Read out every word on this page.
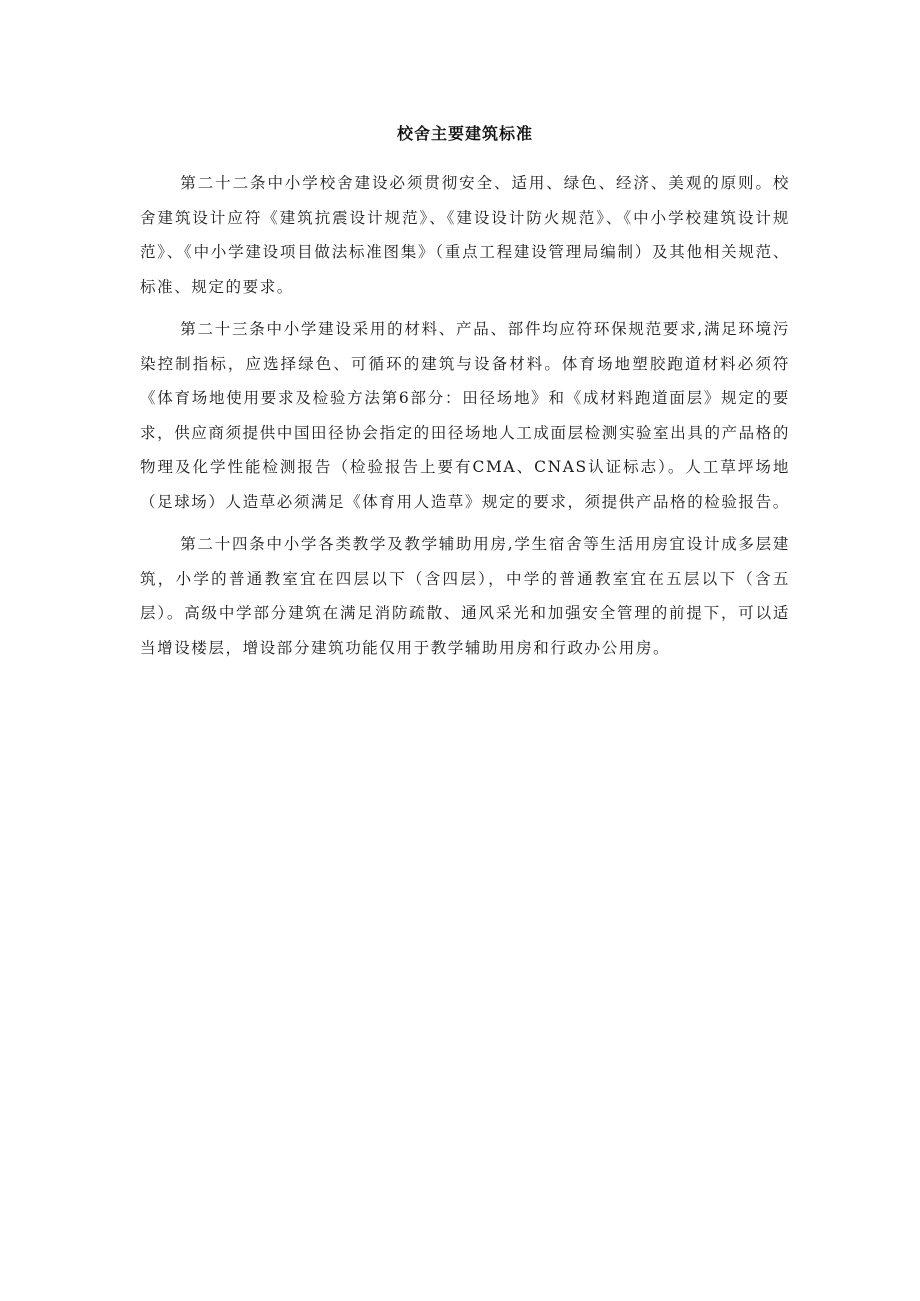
校舍主要建筑标准

第二十二条中小学校舍建设必须贯彻安全、适用、绿色、经济、美观的原则。校舍建筑设计应符《建筑抗震设计规范》、《建设设计防火规范》、《中小学校建筑设计规范》、《中小学建设项目做法标准图集》（重点工程建设管理局编制）及其他相关规范、标准、规定的要求。

第二十三条中小学建设采用的材料、产品、部件均应符环保规范要求,满足环境污染控制指标，应选择绿色、可循环的建筑与设备材料。体育场地塑胶跑道材料必须符《体育场地使用要求及检验方法第6部分：田径场地》和《成材料跑道面层》规定的要求，供应商须提供中国田径协会指定的田径场地人工成面层检测实验室出具的产品格的物理及化学性能检测报告（检验报告上要有CMA、CNAS认证标志）。人工草坪场地（足球场）人造草必须满足《体育用人造草》规定的要求，须提供产品格的检验报告。

第二十四条中小学各类教学及教学辅助用房,学生宿舍等生活用房宜设计成多层建筑，小学的普通教室宜在四层以下（含四层），中学的普通教室宜在五层以下（含五层）。高级中学部分建筑在满足消防疏散、通风采光和加强安全管理的前提下，可以适当增设楼层，增设部分建筑功能仅用于教学辅助用房和行政办公用房。
